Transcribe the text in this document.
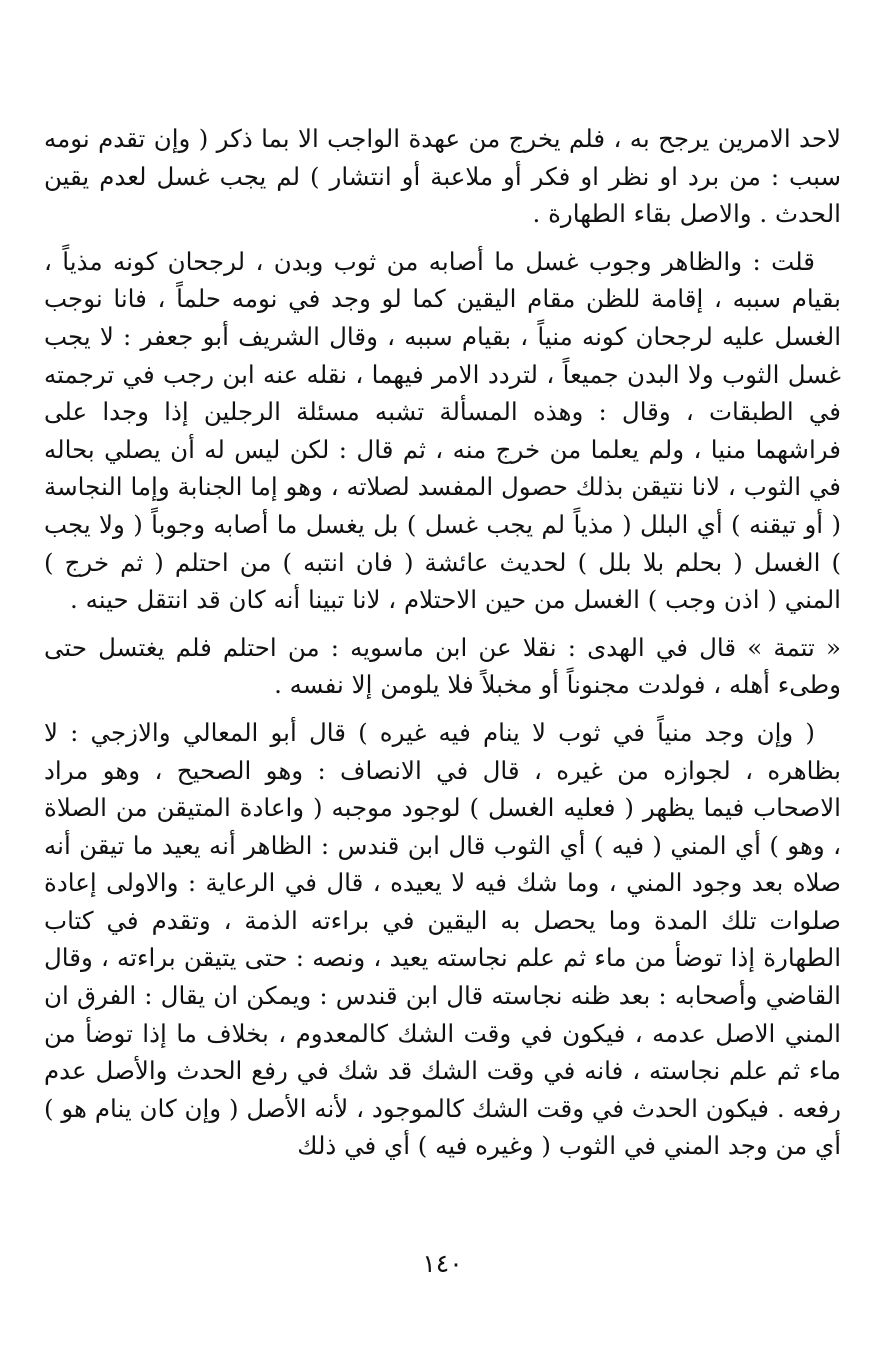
لاحد الامرين يرجح به ، فلم يخرج من عهدة الواجب الا بما ذكر ( وإن تقدم نومه سبب : من برد او نظر او فكر أو ملاعبة أو انتشار ) لم يجب غسل لعدم يقين الحدث . والاصل بقاء الطهارة .

قلت : والظاهر وجوب غسل ما أصابه من ثوب وبدن ، لرجحان كونه مذياً ، بقيام سببه ، إقامة للظن مقام اليقين كما لو وجد في نومه حلماً ، فانا نوجب الغسل عليه لرجحان كونه منياً ، بقيام سببه ، وقال الشريف أبو جعفر : لا يجب غسل الثوب ولا البدن جميعاً ، لتردد الامر فيهما ، نقله عنه ابن رجب في ترجمته في الطبقات ، وقال : وهذه المسألة تشبه مسئلة الرجلين إذا وجدا على فراشهما منيا ، ولم يعلما من خرج منه ، ثم قال : لكن ليس له أن يصلي بحاله في الثوب ، لانا نتيقن بذلك حصول المفسد لصلاته ، وهو إما الجنابة وإما النجاسة ( أو تيقنه ) أي البلل ( مذياً لم يجب غسل ) بل يغسل ما أصابه وجوباً ( ولا يجب ) الغسل ( بحلم بلا بلل ) لحديث عائشة ( فان انتبه ) من احتلم ( ثم خرج ) المني ( اذن وجب ) الغسل من حين الاحتلام ، لانا تبينا أنه كان قد انتقل حينه .

« تتمة » قال في الهدى : نقلا عن ابن ماسويه : من احتلم فلم يغتسل حتى وطىء أهله ، فولدت مجنوناً أو مخبلاً فلا يلومن إلا نفسه .

( وإن وجد منياً في ثوب لا ينام فيه غيره ) قال أبو المعالي والازجي : لا بظاهره ، لجوازه من غيره ، قال في الانصاف : وهو الصحيح ، وهو مراد الاصحاب فيما يظهر ( فعليه الغسل ) لوجود موجبه ( واعادة المتيقن من الصلاة ، وهو ) أي المني ( فيه ) أي الثوب قال ابن قندس : الظاهر أنه يعيد ما تيقن أنه صلاه بعد وجود المني ، وما شك فيه لا يعيده ، قال في الرعاية : والاولى إعادة صلوات تلك المدة وما يحصل به اليقين في براءته الذمة ، وتقدم في كتاب الطهارة إذا توضأ من ماء ثم علم نجاسته يعيد ، ونصه : حتى يتيقن براءته ، وقال القاضي وأصحابه : بعد ظنه نجاسته قال ابن قندس : ويمكن ان يقال : الفرق ان المني الاصل عدمه ، فيكون في وقت الشك كالمعدوم ، بخلاف ما إذا توضأ من ماء ثم علم نجاسته ، فانه في وقت الشك قد شك في رفع الحدث والأصل عدم رفعه . فيكون الحدث في وقت الشك كالموجود ، لأنه الأصل ( وإن كان ينام هو ) أي من وجد المني في الثوب ( وغيره فيه ) أي في ذلك

١٤٠
